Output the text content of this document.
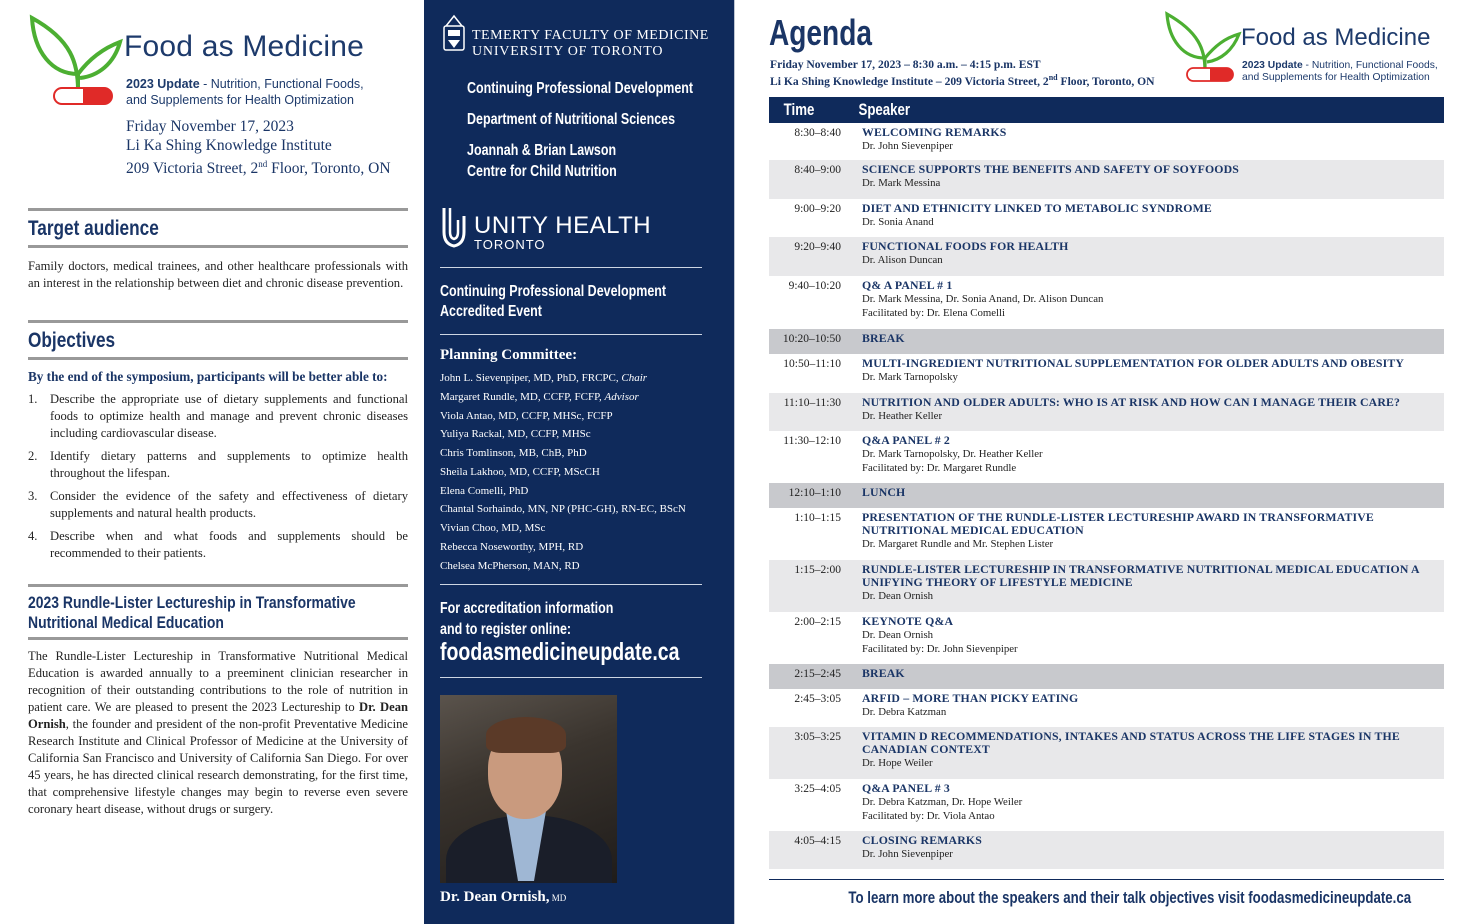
Food as Medicine
2023 Update - Nutrition, Functional Foods,
and Supplements for Health Optimization
Friday November 17, 2023
Li Ka Shing Knowledge Institute
209 Victoria Street, 2nd Floor, Toronto, ON
Target audience
Family doctors, medical trainees, and other healthcare professionals with an interest in the relationship between diet and chronic disease prevention.
Objectives
By the end of the symposium, participants will be better able to:
1. Describe the appropriate use of dietary supplements and functional foods to optimize health and manage and prevent chronic diseases including cardiovascular disease.
2. Identify dietary patterns and supplements to optimize health throughout the lifespan.
3. Consider the evidence of the safety and effectiveness of dietary supplements and natural health products.
4. Describe when and what foods and supplements should be recommended to their patients.
2023 Rundle-Lister Lectureship in Transformative
Nutritional Medical Education
The Rundle-Lister Lectureship in Transformative Nutritional Medical Education is awarded annually to a preeminent clinician researcher in recognition of their outstanding contributions to the role of nutrition in patient care. We are pleased to present the 2023 Lectureship to Dr. Dean Ornish, the founder and president of the non-profit Preventative Medicine Research Institute and Clinical Professor of Medicine at the University of California San Francisco and University of California San Diego. For over 45 years, he has directed clinical research demonstrating, for the first time, that comprehensive lifestyle changes may begin to reverse even severe coronary heart disease, without drugs or surgery.
TEMERTY FACULTY OF MEDICINE
UNIVERSITY OF TORONTO
Continuing Professional Development
Department of Nutritional Sciences
Joannah & Brian Lawson
Centre for Child Nutrition
UNITY HEALTH
TORONTO
Continuing Professional Development
Accredited Event
Planning Committee:
John L. Sievenpiper, MD, PhD, FRCPC, Chair
Margaret Rundle, MD, CCFP, FCFP, Advisor
Viola Antao, MD, CCFP, MHSc, FCFP
Yuliya Rackal, MD, CCFP, MHSc
Chris Tomlinson, MB, ChB, PhD
Sheila Lakhoo, MD, CCFP, MScCH
Elena Comelli, PhD
Chantal Sorhaindo, MN, NP (PHC-GH), RN-EC, BScN
Vivian Choo, MD, MSc
Rebecca Noseworthy, MPH, RD
Chelsea McPherson, MAN, RD
For accreditation information
and to register online:
foodasmedicineupdate.ca
Dr. Dean Ornish, MD
Agenda
Friday November 17, 2023 – 8:30 a.m. – 4:15 p.m. EST
Li Ka Shing Knowledge Institute – 209 Victoria Street, 2nd Floor, Toronto, ON
Food as Medicine
2023 Update - Nutrition, Functional Foods,
and Supplements for Health Optimization
Time	Speaker
8:30–8:40 WELCOMING REMARKS
Dr. John Sievenpiper
8:40–9:00 SCIENCE SUPPORTS THE BENEFITS AND SAFETY OF SOYFOODS
Dr. Mark Messina
9:00–9:20 DIET AND ETHNICITY LINKED TO METABOLIC SYNDROME
Dr. Sonia Anand
9:20–9:40 FUNCTIONAL FOODS FOR HEALTH
Dr. Alison Duncan
9:40–10:20 Q& A PANEL # 1
Dr. Mark Messina, Dr. Sonia Anand, Dr. Alison Duncan
Facilitated by: Dr. Elena Comelli
10:20–10:50 BREAK
10:50–11:10 MULTI-INGREDIENT NUTRITIONAL SUPPLEMENTATION FOR OLDER ADULTS AND OBESITY
Dr. Mark Tarnopolsky
11:10–11:30 NUTRITION AND OLDER ADULTS: WHO IS AT RISK AND HOW CAN I MANAGE THEIR CARE?
Dr. Heather Keller
11:30–12:10 Q&A PANEL # 2
Dr. Mark Tarnopolsky, Dr. Heather Keller
Facilitated by: Dr. Margaret Rundle
12:10–1:10 LUNCH
1:10–1:15 PRESENTATION OF THE RUNDLE-LISTER LECTURESHIP AWARD IN TRANSFORMATIVE NUTRITIONAL MEDICAL EDUCATION
Dr. Margaret Rundle and Mr. Stephen Lister
1:15–2:00 RUNDLE-LISTER LECTURESHIP IN TRANSFORMATIVE NUTRITIONAL MEDICAL EDUCATION A UNIFYING THEORY OF LIFESTYLE MEDICINE
Dr. Dean Ornish
2:00–2:15 KEYNOTE Q&A
Dr. Dean Ornish
Facilitated by: Dr. John Sievenpiper
2:15–2:45 BREAK
2:45–3:05 ARFID – MORE THAN PICKY EATING
Dr. Debra Katzman
3:05–3:25 VITAMIN D RECOMMENDATIONS, INTAKES AND STATUS ACROSS THE LIFE STAGES IN THE CANADIAN CONTEXT
Dr. Hope Weiler
3:25–4:05 Q&A PANEL # 3
Dr. Debra Katzman, Dr. Hope Weiler
Facilitated by: Dr. Viola Antao
4:05–4:15 CLOSING REMARKS
Dr. John Sievenpiper
To learn more about the speakers and their talk objectives visit foodasmedicineupdate.ca
